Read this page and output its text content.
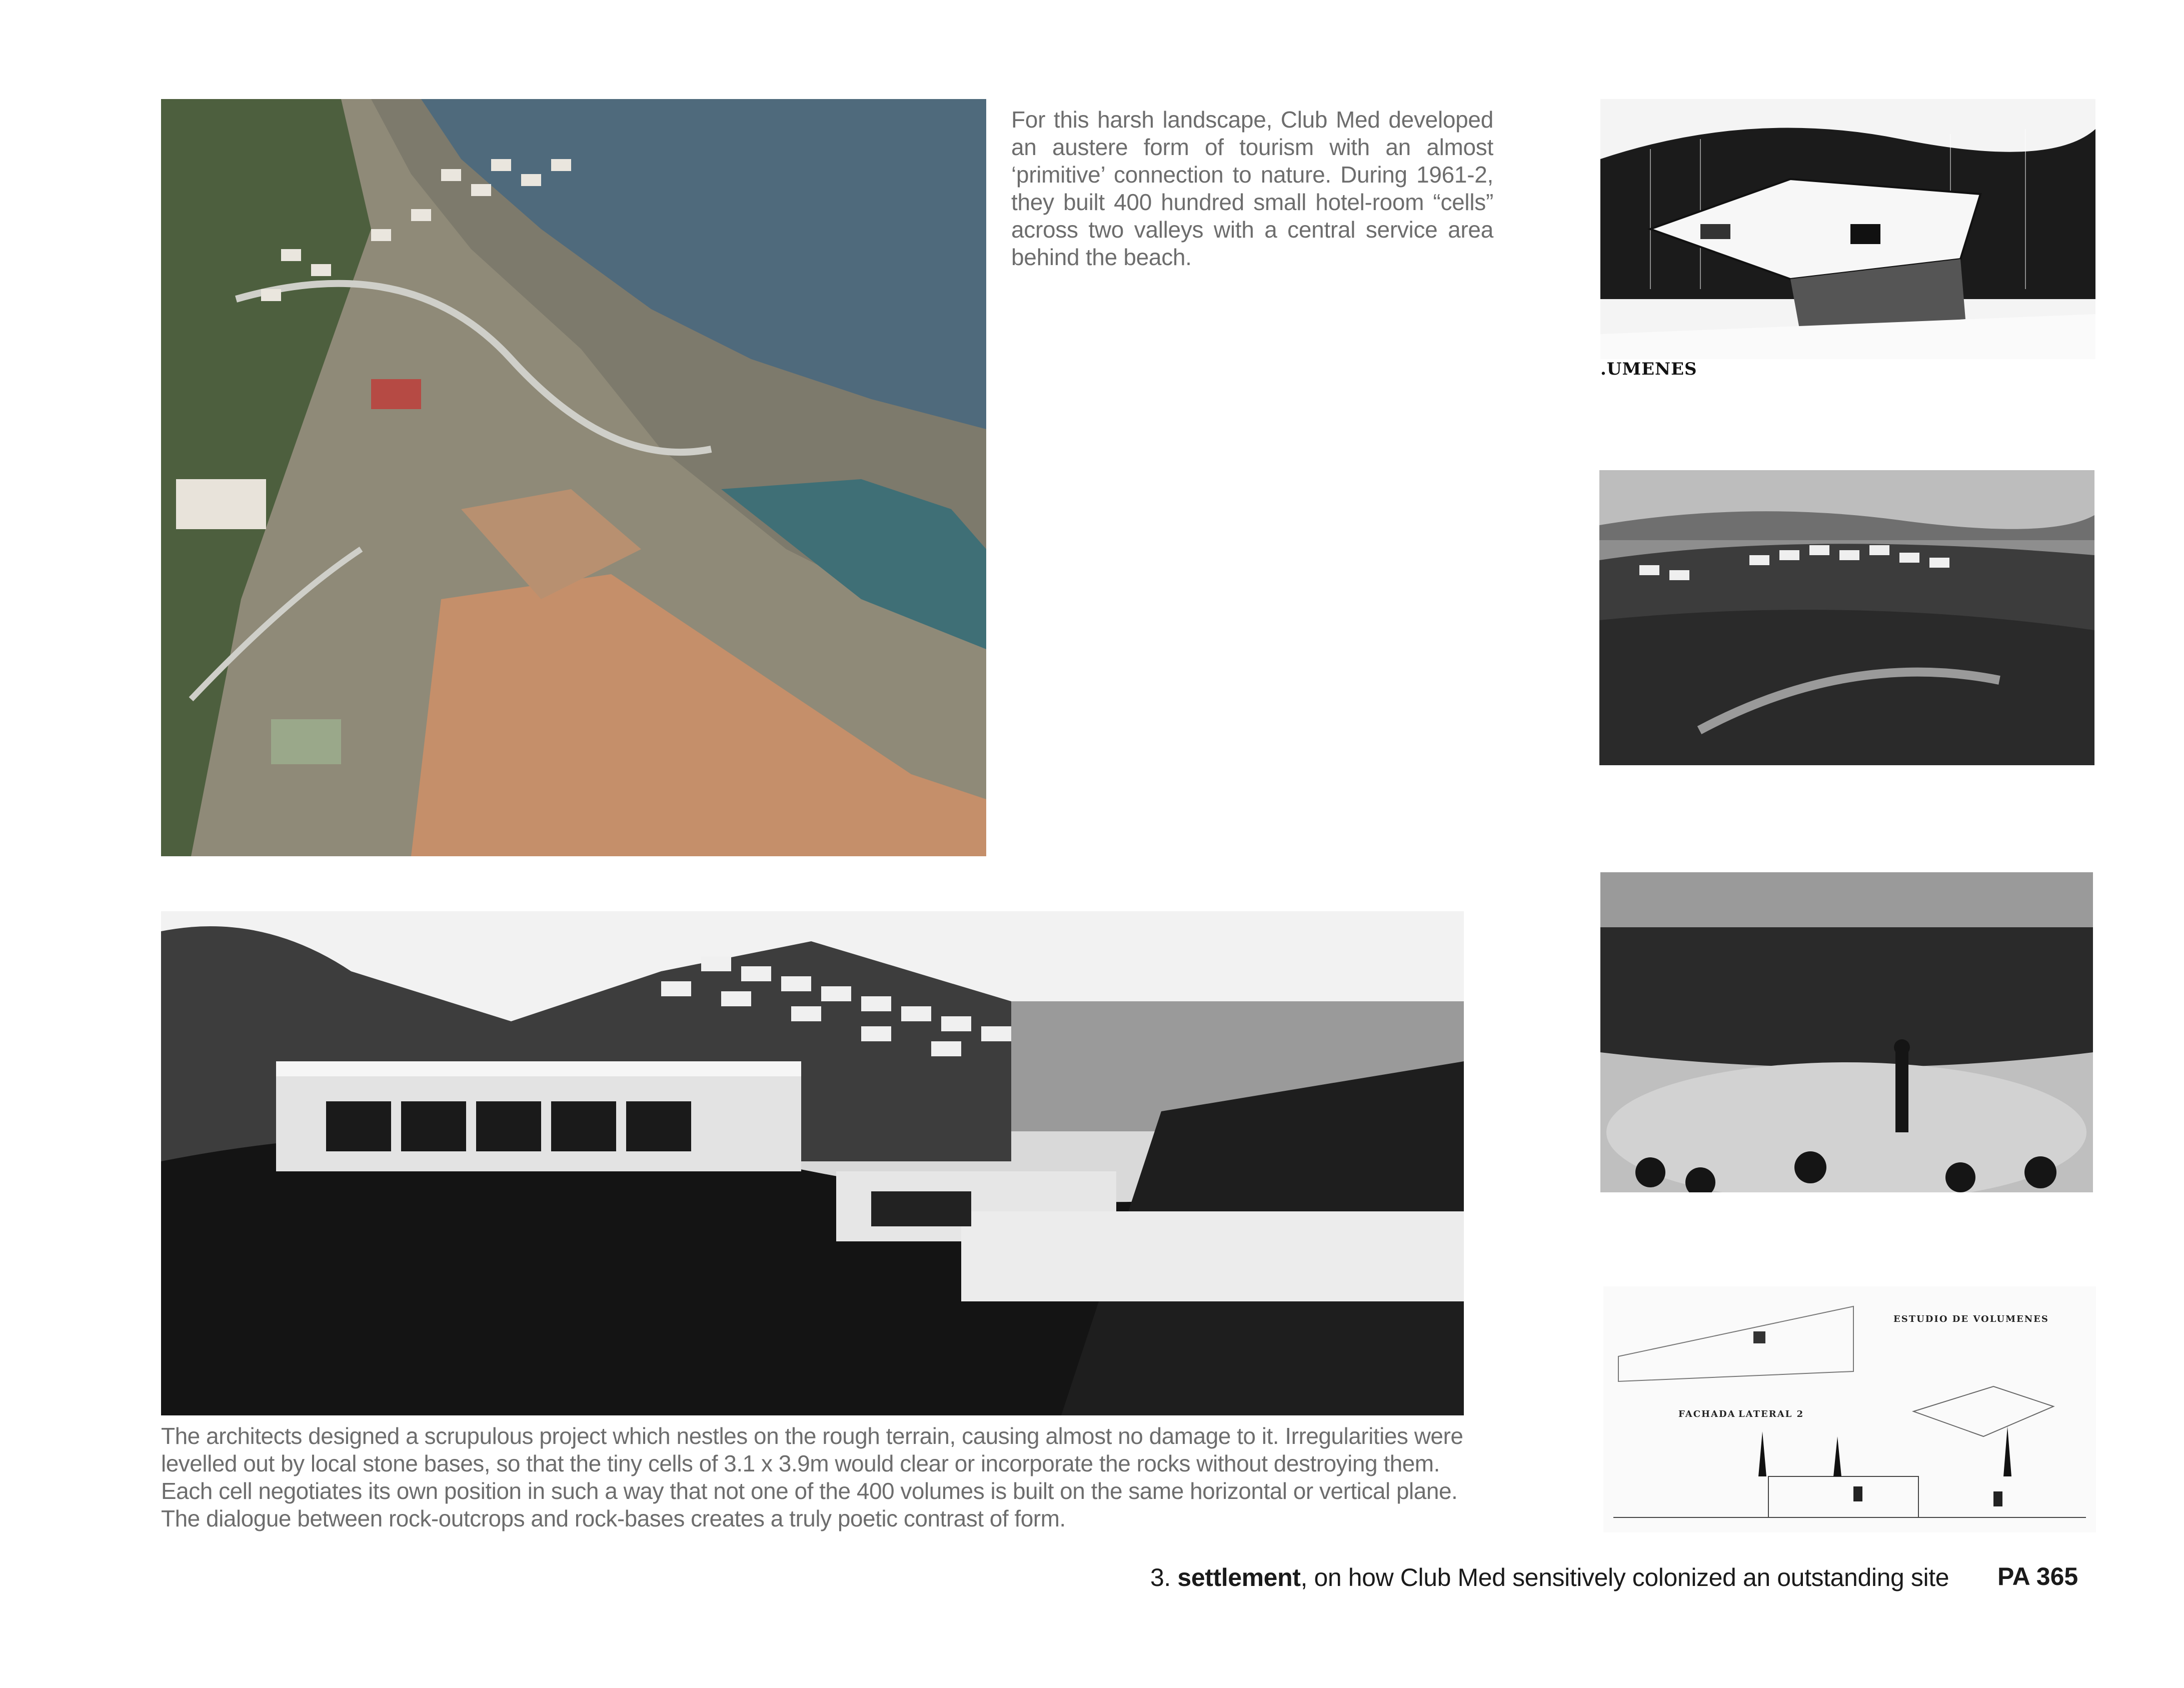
For this harsh landscape, Club Med developed an austere form of tourism with an almost ‘primitive’ connection to nature. During 1961-2, they built 400 hundred small hotel-room “cells” across two valleys with a central service area behind the beach.
.UMENES
ESTUDIO DE VOLUMENES
FACHADA LATERAL 2
The architects designed a scrupulous project which nestles on the rough terrain, causing almost no damage to it. Irregularities were levelled out by local stone bases, so that the tiny cells of 3.1 x 3.9m would clear or incorporate the rocks without destroying them. Each cell negotiates its own position in such a way that not one of the 400 volumes is built on the same horizontal or vertical plane. The dialogue between rock-outcrops and rock-bases creates a truly poetic contrast of form.
3. settlement, on how Club Med sensitively colonized an outstanding site PA 365
